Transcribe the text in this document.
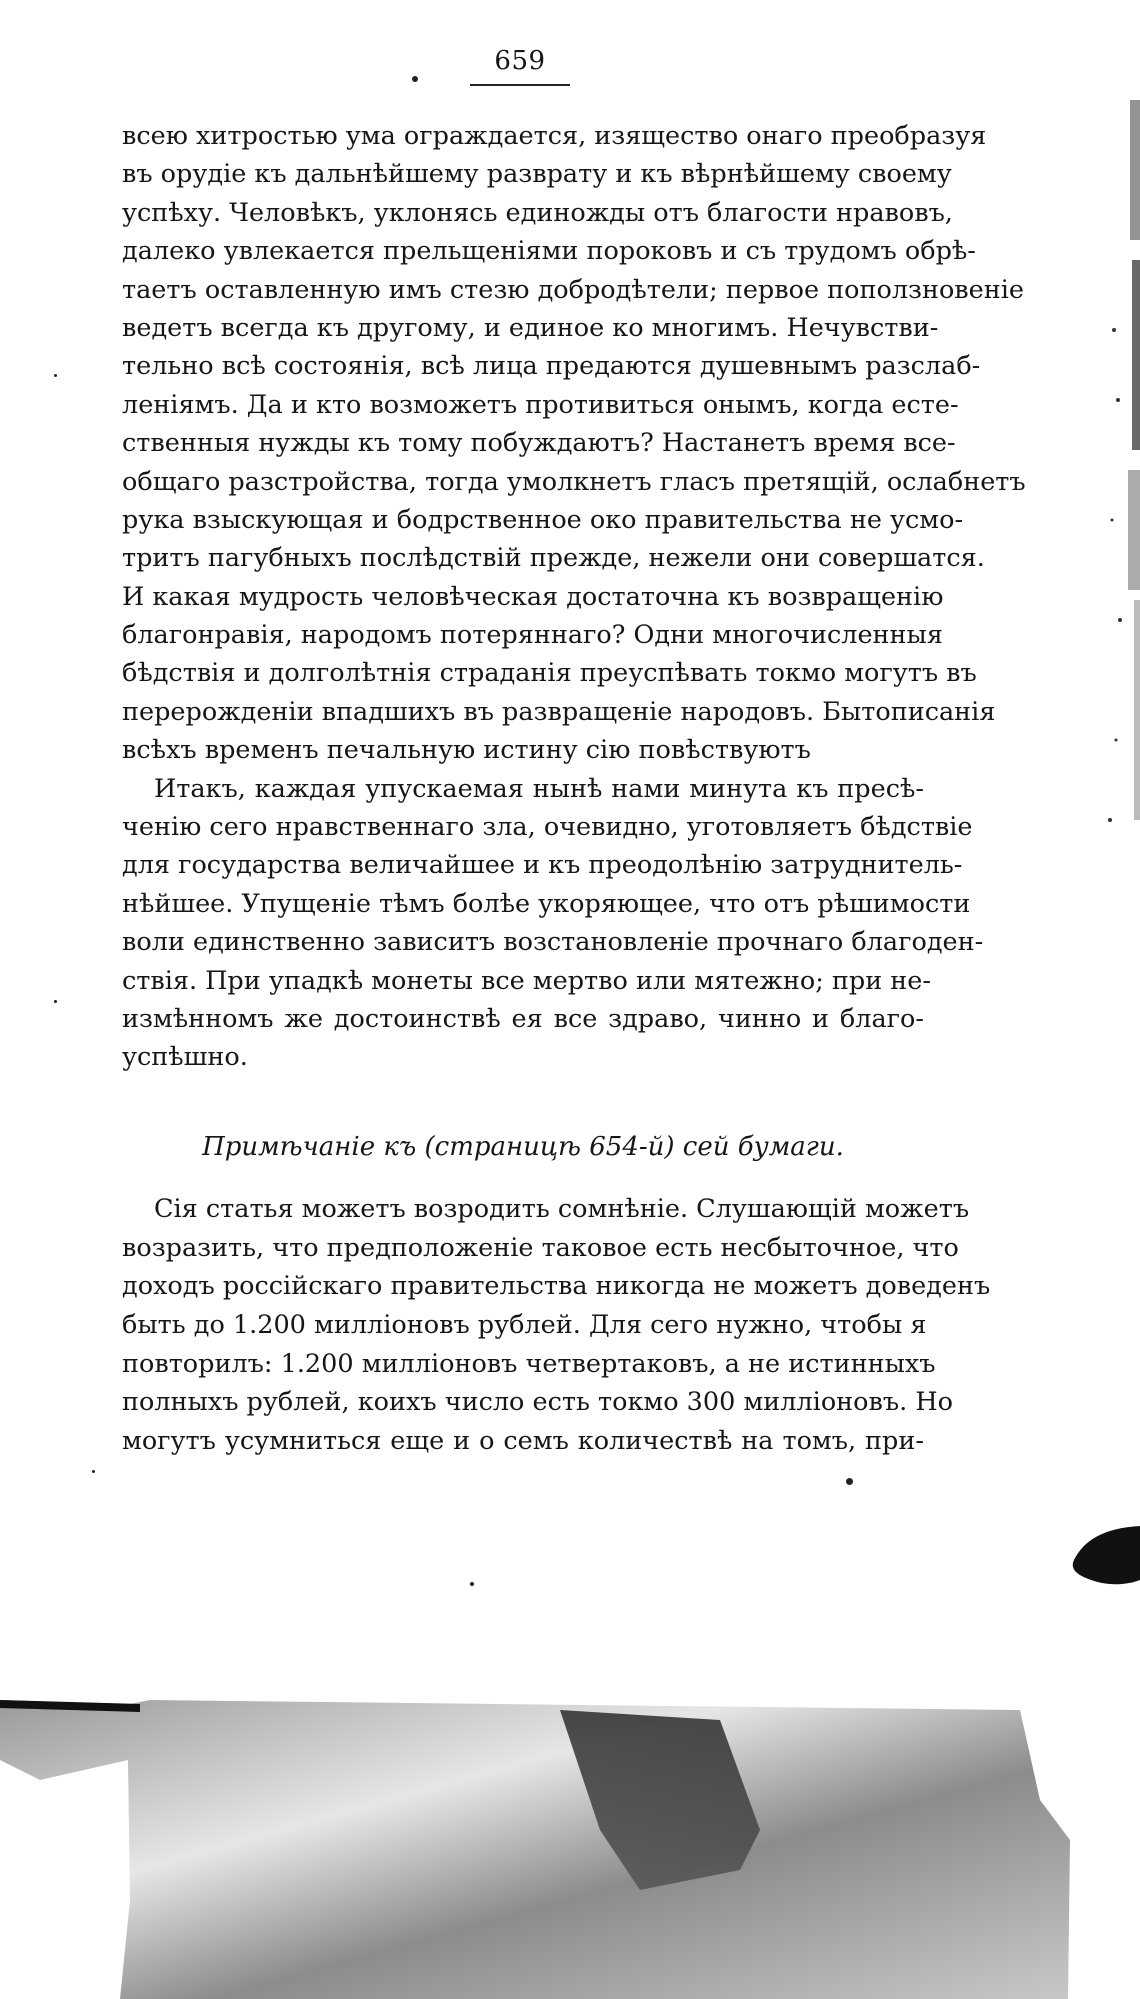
659
всею хитростью ума ограждается, изящество онаго преобразуя
въ орудіе къ дальнѣйшему разврату и къ вѣрнѣйшему своему
успѣху. Человѣкъ, уклонясь единожды отъ благости нравовъ,
далеко увлекается прельщеніями пороковъ и съ трудомъ обрѣ-
таетъ оставленную имъ стезю добродѣтели; первое поползновеніе
ведетъ всегда къ другому, и единое ко многимъ. Нечувстви-
тельно всѣ состоянія, всѣ лица предаются душевнымъ разслаб-
леніямъ. Да и кто возможетъ противиться онымъ, когда есте-
ственныя нужды къ тому побуждаютъ? Настанетъ время все-
общаго разстройства, тогда умолкнетъ гласъ претящій, ослабнетъ
рука взыскующая и бодрственное око правительства не усмо-
тритъ пагубныхъ послѣдствій прежде, нежели они совершатся.
И какая мудрость человѣческая достаточна къ возвращенію
благонравія, народомъ потеряннаго? Одни многочисленныя
бѣдствія и долголѣтнія страданія преуспѣвать токмо могутъ въ
перерожденіи впадшихъ въ развращеніе народовъ. Бытописанія
всѣхъ временъ печальную истину сію повѣствуютъ
Итакъ, каждая упускаемая нынѣ нами минута къ пресѣ-
ченію сего нравственнаго зла, очевидно, уготовляетъ бѣдствіе
для государства величайшее и къ преодолѣнію затруднитель-
нѣйшее. Упущеніе тѣмъ болѣе укоряющее, что отъ рѣшимости
воли единственно зависитъ возстановленіе прочнаго благоден-
ствія. При упадкѣ монеты все мертво или мятежно; при не-
измѣнномъ же достоинствѣ ея все здраво, чинно и благо-
успѣшно.
Примѣчаніе къ (страницѣ 654-й) сей бумаги.
Сія статья можетъ возродить сомнѣніе. Слушающій можетъ
возразить, что предположеніе таковое есть несбыточное, что
доходъ россійскаго правительства никогда не можетъ доведенъ
быть до 1.200 милліоновъ рублей. Для сего нужно, чтобы я
повторилъ: 1.200 милліоновъ четвертаковъ, а не истинныхъ
полныхъ рублей, коихъ число есть токмо 300 милліоновъ. Но
могутъ усумниться еще и о семъ количествѣ на томъ, при-
